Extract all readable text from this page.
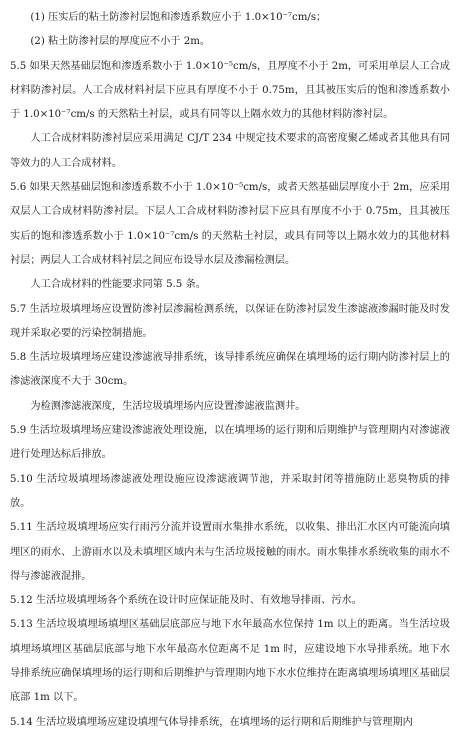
(1) 压实后的粘土防渗衬层饱和渗透系数应小于 1.0×10⁻⁷cm/s；

(2) 粘土防渗衬层的厚度应不小于 2m。

5.5 如果天然基础层饱和渗透系数小于 1.0×10⁻⁵cm/s，且厚度不小于 2m，可采用单层人工合成材料防渗衬层。人工合成材料衬层下应具有厚度不小于 0.75m，且其被压实后的饱和渗透系数小于 1.0×10⁻⁷cm/s 的天然粘土衬层，或具有同等以上隔水效力的其他材料防渗衬层。

人工合成材料防渗衬层应采用满足 CJ/T 234 中规定技术要求的高密度聚乙烯或者其他具有同等效力的人工合成材料。

5.6 如果天然基础层饱和渗透系数不小于 1.0×10⁻⁵cm/s，或者天然基础层厚度小于 2m，应采用双层人工合成材料防渗衬层。下层人工合成材料防渗衬层下应具有厚度不小于 0.75m，且其被压实后的饱和渗透系数小于 1.0×10⁻⁷cm/s 的天然粘土衬层，或具有同等以上隔水效力的其他材料衬层；两层人工合成材料衬层之间应布设导水层及渗漏检测层。

人工合成材料的性能要求同第 5.5 条。

5.7 生活垃圾填埋场应设置防渗衬层渗漏检测系统，以保证在防渗衬层发生渗滤液渗漏时能及时发现并采取必要的污染控制措施。

5.8 生活垃圾填埋场应建设渗滤液导排系统，该导排系统应确保在填埋场的运行期内防渗衬层上的渗滤液深度不大于 30cm。

为检测渗滤液深度，生活垃圾填埋场内应设置渗滤液监测井。

5.9 生活垃圾填埋场应建设渗滤液处理设施，以在填埋场的运行期和后期维护与管理期内对渗滤液进行处理达标后排放。

5.10 生活垃圾填埋场渗滤液处理设施应设渗滤液调节池，并采取封闭等措施防止恶臭物质的排放。

5.11 生活垃圾填埋场应实行雨污分流并设置雨水集排水系统，以收集、排出汇水区内可能流向填埋区的雨水、上游雨水以及未填埋区域内未与生活垃圾接触的雨水。雨水集排水系统收集的雨水不得与渗滤液混排。

5.12 生活垃圾填埋场各个系统在设计时应保证能及时、有效地导排雨、污水。

5.13 生活垃圾填埋场填埋区基础层底部应与地下水年最高水位保持 1m 以上的距离。当生活垃圾填埋场填埋区基础层底部与地下水年最高水位距离不足 1m 时，应建设地下水导排系统。地下水导排系统应确保填埋场的运行期和后期维护与管理期内地下水水位维持在距离填埋场填埋区基础层底部 1m 以下。

5.14 生活垃圾填埋场应建设填埋气体导排系统，在填埋场的运行期和后期维护与管理期内
